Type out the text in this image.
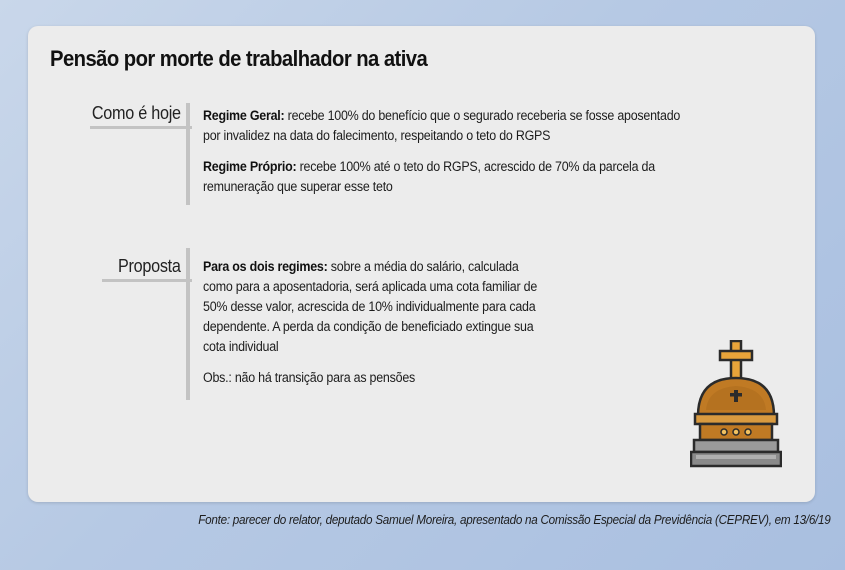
Pensão por morte de trabalhador na ativa
Como é hoje Regime Geral: recebe 100% do benefício que o segurado receberia se fosse aposentado
por invalidez na data do falecimento, respeitando o teto do RGPS

Regime Próprio: recebe 100% até o teto do RGPS, acrescido de 70% da parcela da
remuneração que superar esse teto

Proposta Para os dois regimes: sobre a média do salário, calculada
como para a aposentadoria, será aplicada uma cota familiar de
50% desse valor, acrescida de 10% individualmente para cada
dependente. A perda da condição de beneficiado extingue sua
cota individual

Obs.: não há transição para as pensões

Fonte: parecer do relator, deputado Samuel Moreira, apresentado na Comissão Especial da Previdência (CEPREV), em 13/6/19
